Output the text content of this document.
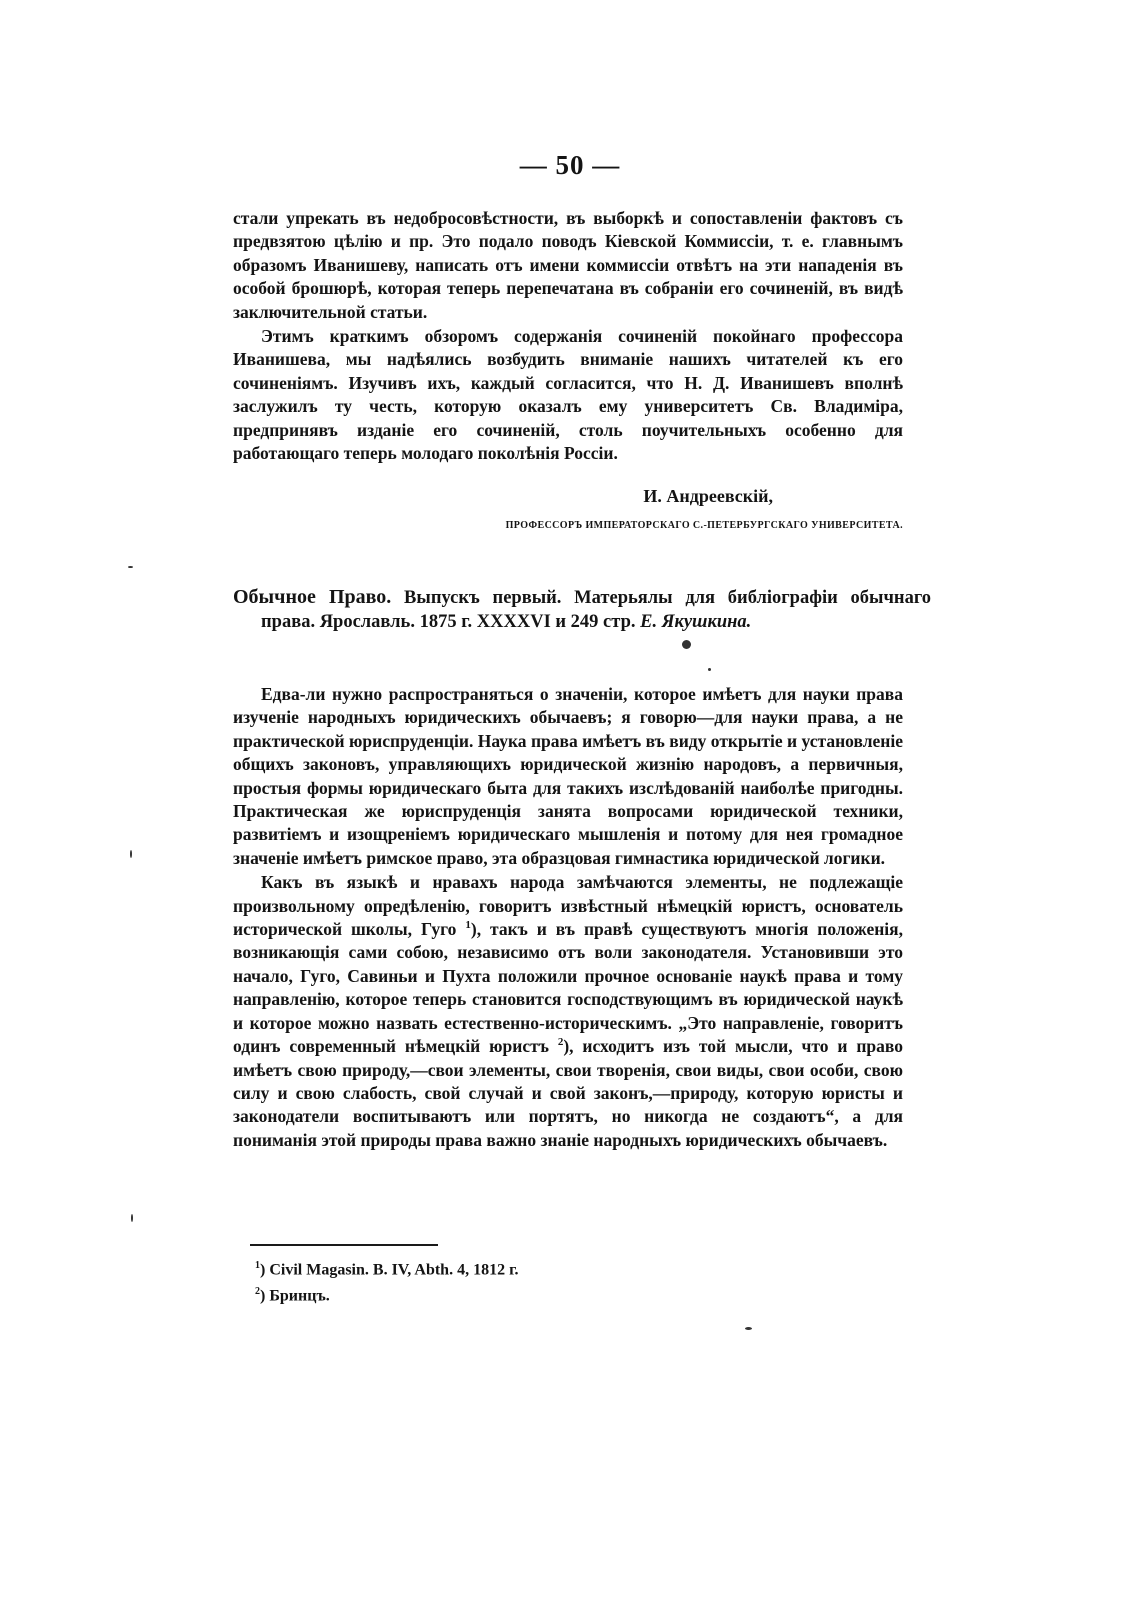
— 50 —

стали упрекать въ недобросовѣстности, въ выборкѣ и сопоставленіи фактовъ съ предвзятою цѣлію и пр. Это подало поводъ Кіевской Коммиссіи, т. е. главнымъ образомъ Иванишеву, написать отъ имени коммиссіи отвѣтъ на эти нападенія въ особой брошюрѣ, которая теперь перепечатана въ собраніи его сочиненій, въ видѣ заключительной статьи.

Этимъ краткимъ обзоромъ содержанія сочиненій покойнаго профессора Иванишева, мы надѣялись возбудить вниманіе нашихъ читателей къ его сочиненіямъ. Изучивъ ихъ, каждый согласится, что Н. Д. Иванишевъ вполнѣ заслужилъ ту честь, которую оказалъ ему университетъ Св. Владиміра, предпринявъ изданіе его сочиненій, столь поучительныхъ особенно для работающаго теперь молодаго поколѣнія Россіи.

И. Андреевскій,
ПРОФЕССОРЪ ИМПЕРАТОРСКАГО С.-ПЕТЕРБУРГСКАГО УНИВЕРСИТЕТА.

Обычное Право. Выпускъ первый. Матерьялы для библіографіи обычнаго права. Ярославль. 1875 г. XXXXVI и 249 стр. Е. Якушкина.

Едва-ли нужно распространяться о значеніи, которое имѣетъ для науки права изученіе народныхъ юридическихъ обычаевъ; я говорю—для науки права, а не практической юриспруденціи. Наука права имѣетъ въ виду открытіе и установленіе общихъ законовъ, управляющихъ юридической жизнію народовъ, а первичныя, простыя формы юридическаго быта для такихъ изслѣдованій наиболѣе пригодны. Практическая же юриспруденція занята вопросами юридической техники, развитіемъ и изощреніемъ юридическаго мышленія и потому для нея громадное значеніе имѣетъ римское право, эта образцовая гимнастика юридической логики.

Какъ въ языкѣ и нравахъ народа замѣчаются элементы, не подлежащіе произвольному опредѣленію, говоритъ извѣстный нѣмецкій юристъ, основатель исторической школы, Гуго $^1$), такъ и въ правѣ существуютъ многія положенія, возникающія сами собою, независимо отъ воли законодателя. Установивши это начало, Гуго, Савиньи и Пухта положили прочное основаніе наукѣ права и тому направленію, которое теперь становится господствующимъ въ юридической наукѣ и которое можно назвать естественно-историческимъ. „Это направленіе, говоритъ одинъ современный нѣмецкій юристъ $^2$), исходитъ изъ той мысли, что и право имѣетъ свою природу,—свои элементы, свои творенія, свои виды, свои особи, свою силу и свою слабость, свой случай и свой законъ,—природу, которую юристы и законодатели воспитываютъ или портятъ, но никогда не создаютъ“, а для пониманія этой природы права важно знаніе народныхъ юридическихъ обычаевъ.

$^1$) Civil Magasin. B. IV, Abth. 4, 1812 г.
$^2$) Бринцъ.
